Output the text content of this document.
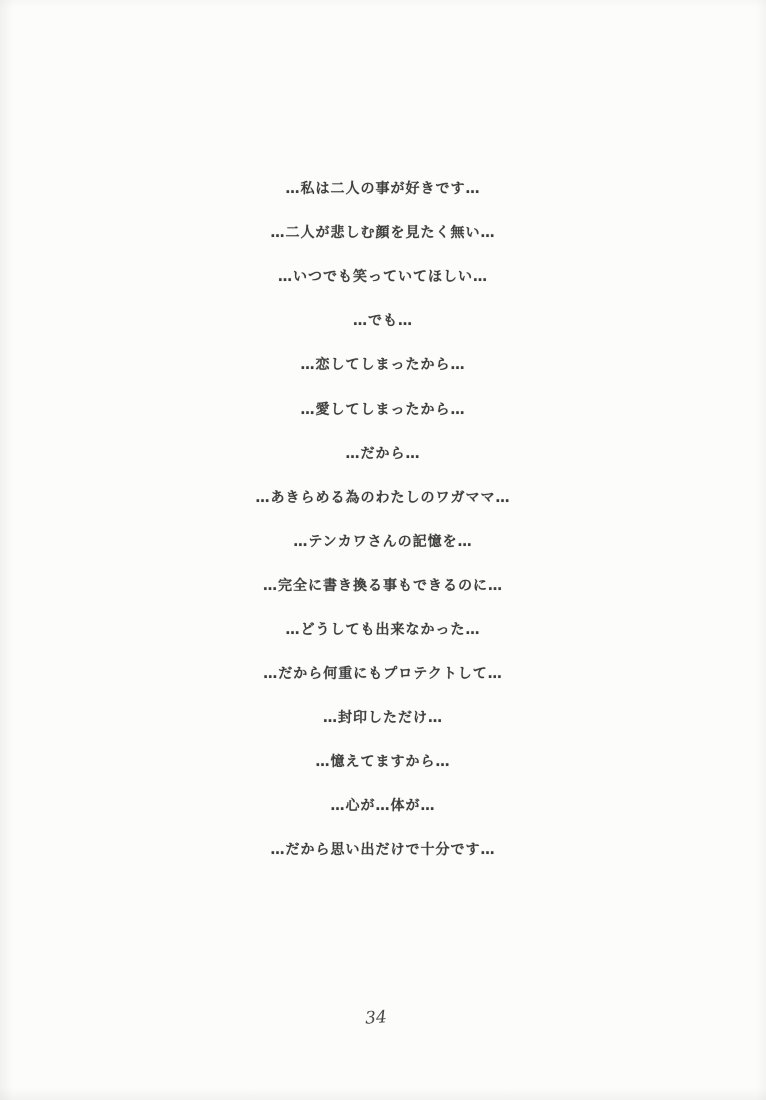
…私は二人の事が好きです…

…二人が悲しむ顔を見たく無い…

…いつでも笑っていてほしい…

…でも…

…恋してしまったから…

…愛してしまったから…

…だから…

…あきらめる為のわたしのワガママ…

…テンカワさんの記憶を…

…完全に書き換る事もできるのに…

…どうしても出来なかった…

…だから何重にもプロテクトして…

…封印しただけ…

…憶えてますから…

…心が…体が…

…だから思い出だけで十分です…

34
